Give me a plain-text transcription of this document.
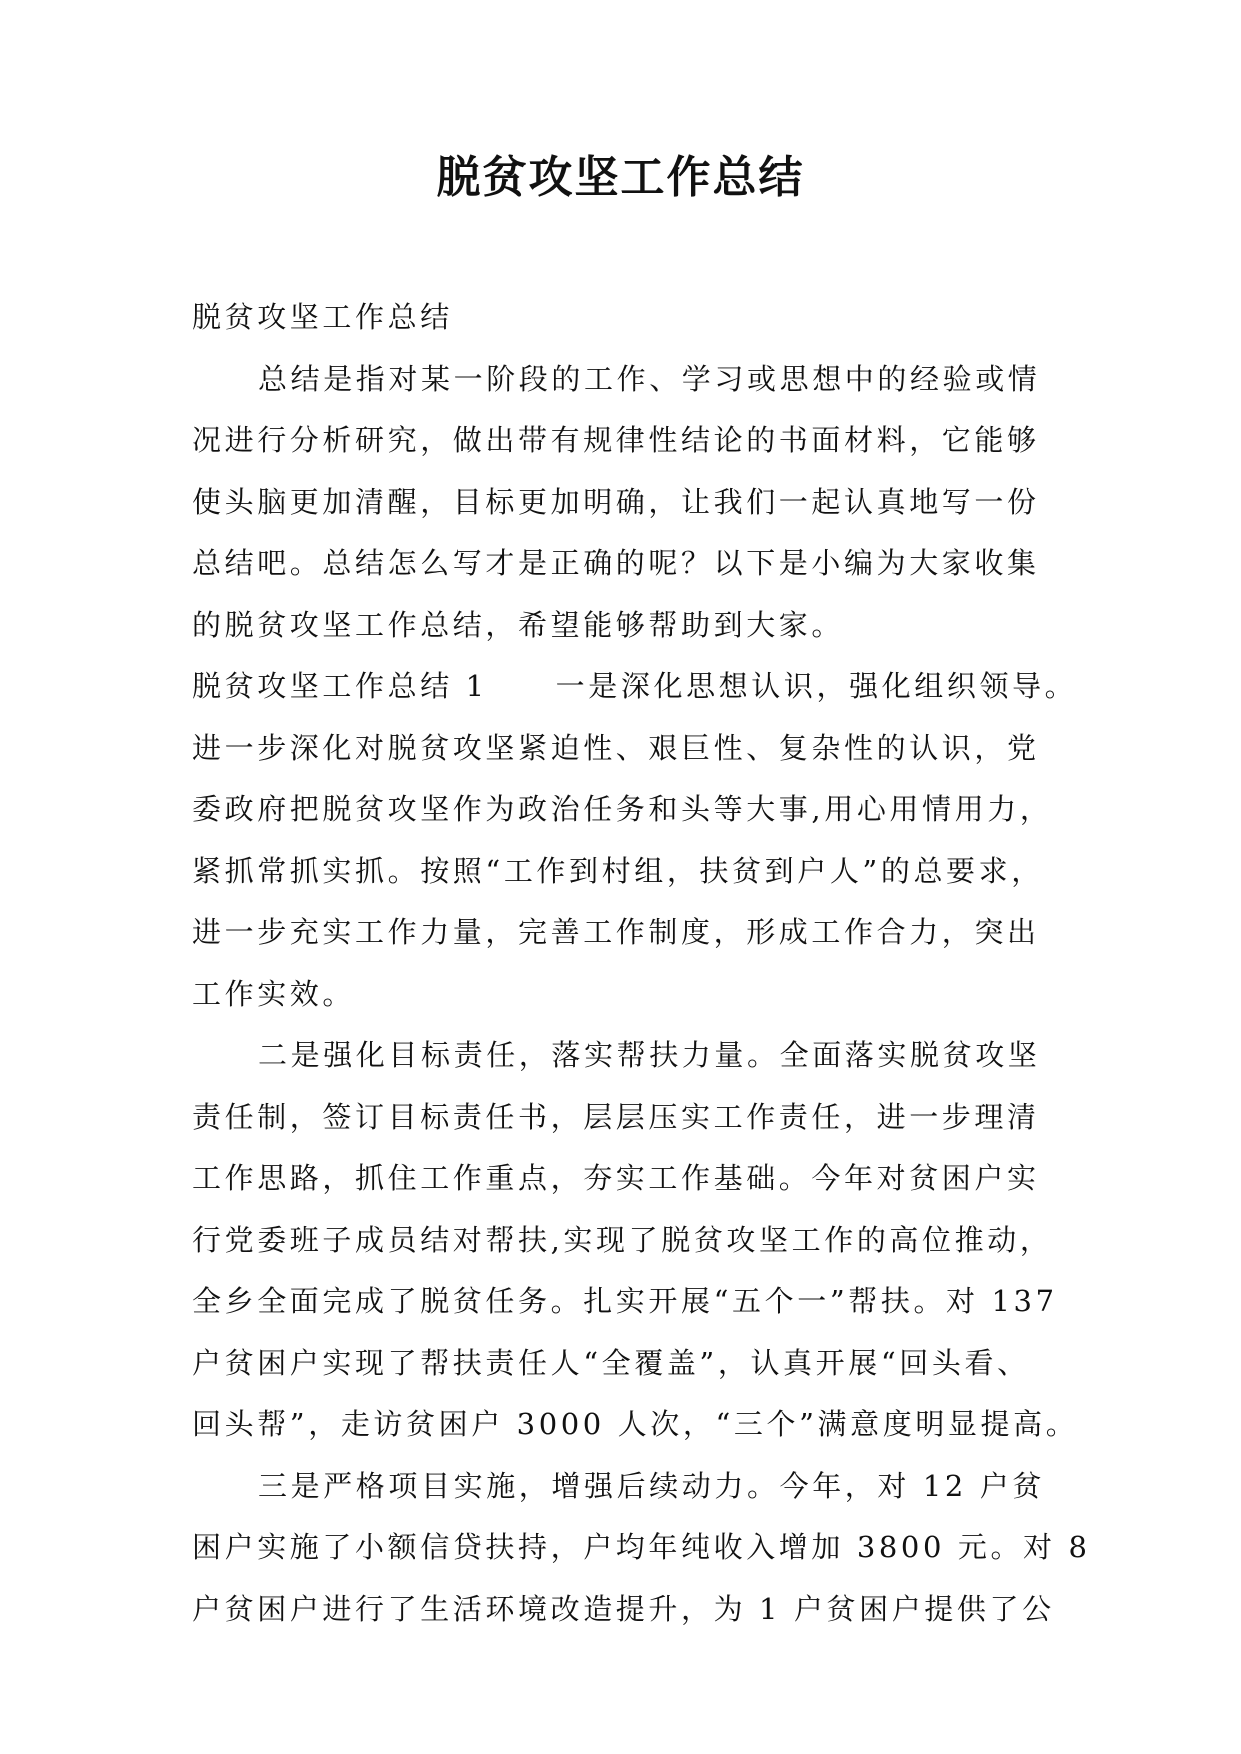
脱贫攻坚工作总结
脱贫攻坚工作总结
总结是指对某一阶段的工作、学习或思想中的经验或情
况进行分析研究，做出带有规律性结论的书面材料，它能够
使头脑更加清醒，目标更加明确，让我们一起认真地写一份
总结吧。总结怎么写才是正确的呢？以下是小编为大家收集
的脱贫攻坚工作总结，希望能够帮助到大家。
脱贫攻坚工作总结 1 一是深化思想认识，强化组织领导。
进一步深化对脱贫攻坚紧迫性、艰巨性、复杂性的认识，党
委政府把脱贫攻坚作为政治任务和头等大事,用心用情用力，
紧抓常抓实抓。按照“工作到村组，扶贫到户人”的总要求，
进一步充实工作力量，完善工作制度，形成工作合力，突出
工作实效。
二是强化目标责任，落实帮扶力量。全面落实脱贫攻坚
责任制，签订目标责任书，层层压实工作责任，进一步理清
工作思路，抓住工作重点，夯实工作基础。今年对贫困户实
行党委班子成员结对帮扶,实现了脱贫攻坚工作的高位推动，
全乡全面完成了脱贫任务。扎实开展“五个一”帮扶。对 137
户贫困户实现了帮扶责任人“全覆盖”，认真开展“回头看、
回头帮”，走访贫困户 3000 人次，“三个”满意度明显提高。
三是严格项目实施，增强后续动力。今年，对 12 户贫
困户实施了小额信贷扶持，户均年纯收入增加 3800 元。对 8
户贫困户进行了生活环境改造提升，为 1 户贫困户提供了公
